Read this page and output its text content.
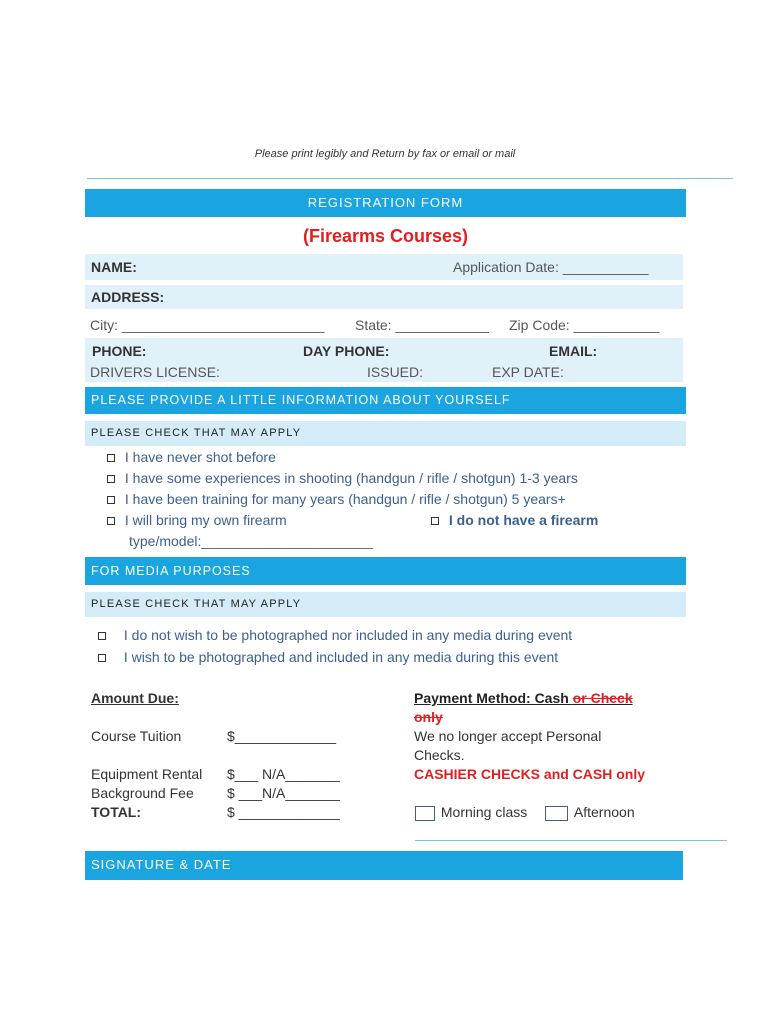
Please print legibly and Return by fax or email or mail
REGISTRATION FORM
(Firearms Courses)
NAME:	Application Date: ___________
ADDRESS:
City: __________________________ State: ____________ Zip Code: ___________
PHONE:	DAY PHONE:	EMAIL:
DRIVERS LICENSE:	ISSUED:	EXP DATE:
PLEASE PROVIDE A LITTLE INFORMATION ABOUT YOURSELF
PLEASE CHECK THAT MAY APPLY
I have never shot before
I have some experiences in shooting (handgun / rifle / shotgun) 1-3 years
I have been training for many years (handgun / rifle / shotgun) 5 years+
I will bring my own firearm	I do not have a firearm
type/model:______________________
FOR MEDIA PURPOSES
PLEASE CHECK THAT MAY APPLY
I do not wish to be photographed nor included in any media during event
I wish to be photographed and included in any media during this event
Amount Due:
Course Tuition	$_____________
Equipment Rental $___ N/A_______
Background Fee $ ___N/A_______
TOTAL:	$ _____________
Payment Method: Cash or Check
only
We no longer accept Personal
Checks.
CASHIER CHECKS and CASH only
Morning class	Afternoon
SIGNATURE & DATE
